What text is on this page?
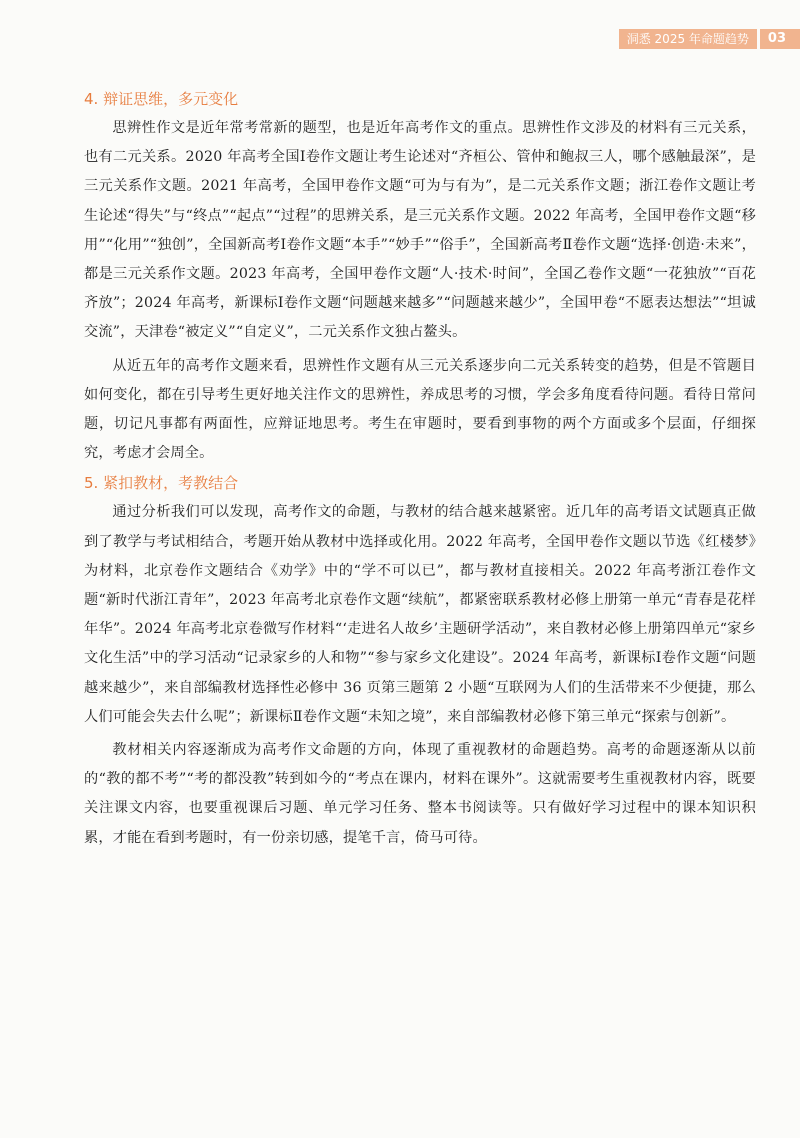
洞悉 2025 年命题趋势	03
4. 辩证思维，多元变化

思辨性作文是近年常考常新的题型，也是近年高考作文的重点。思辨性作文涉及的材料有三元关系，也有二元关系。2020 年高考全国Ⅰ卷作文题让考生论述对“齐桓公、管仲和鲍叔三人，哪个感触最深”，是三元关系作文题。2021 年高考，全国甲卷作文题“可为与有为”，是二元关系作文题；浙江卷作文题让考生论述“得失”与“终点”“起点”“过程”的思辨关系，是三元关系作文题。2022 年高考，全国甲卷作文题“移用”“化用”“独创”，全国新高考Ⅰ卷作文题“本手”“妙手”“俗手”，全国新高考Ⅱ卷作文题“选择·创造·未来”，都是三元关系作文题。2023 年高考，全国甲卷作文题“人·技术·时间”，全国乙卷作文题“一花独放”“百花齐放”；2024 年高考，新课标Ⅰ卷作文题“问题越来越多”“问题越来越少”，全国甲卷“不愿表达想法”“坦诚交流”，天津卷“被定义”“自定义”，二元关系作文独占鳌头。

从近五年的高考作文题来看，思辨性作文题有从三元关系逐步向二元关系转变的趋势，但是不管题目如何变化，都在引导考生更好地关注作文的思辨性，养成思考的习惯，学会多角度看待问题。看待日常问题，切记凡事都有两面性，应辩证地思考。考生在审题时，要看到事物的两个方面或多个层面，仔细探究，考虑才会周全。

5. 紧扣教材，考教结合

通过分析我们可以发现，高考作文的命题，与教材的结合越来越紧密。近几年的高考语文试题真正做到了教学与考试相结合，考题开始从教材中选择或化用。2022 年高考，全国甲卷作文题以节选《红楼梦》为材料，北京卷作文题结合《劝学》中的“学不可以已”，都与教材直接相关。2022 年高考浙江卷作文题“新时代浙江青年”，2023 年高考北京卷作文题“续航”，都紧密联系教材必修上册第一单元“青春是花样年华”。2024 年高考北京卷微写作材料“‘走进名人故乡’主题研学活动”，来自教材必修上册第四单元“家乡文化生活”中的学习活动“记录家乡的人和物”“参与家乡文化建设”。2024 年高考，新课标Ⅰ卷作文题“问题越来越少”，来自部编教材选择性必修中 36 页第三题第 2 小题“互联网为人们的生活带来不少便捷，那么人们可能会失去什么呢”；新课标Ⅱ卷作文题“未知之境”，来自部编教材必修下第三单元“探索与创新”。

教材相关内容逐渐成为高考作文命题的方向，体现了重视教材的命题趋势。高考的命题逐渐从以前的“教的都不考”“考的都没教”转到如今的“考点在课内，材料在课外”。这就需要考生重视教材内容，既要关注课文内容，也要重视课后习题、单元学习任务、整本书阅读等。只有做好学习过程中的课本知识积累，才能在看到考题时，有一份亲切感，提笔千言，倚马可待。
